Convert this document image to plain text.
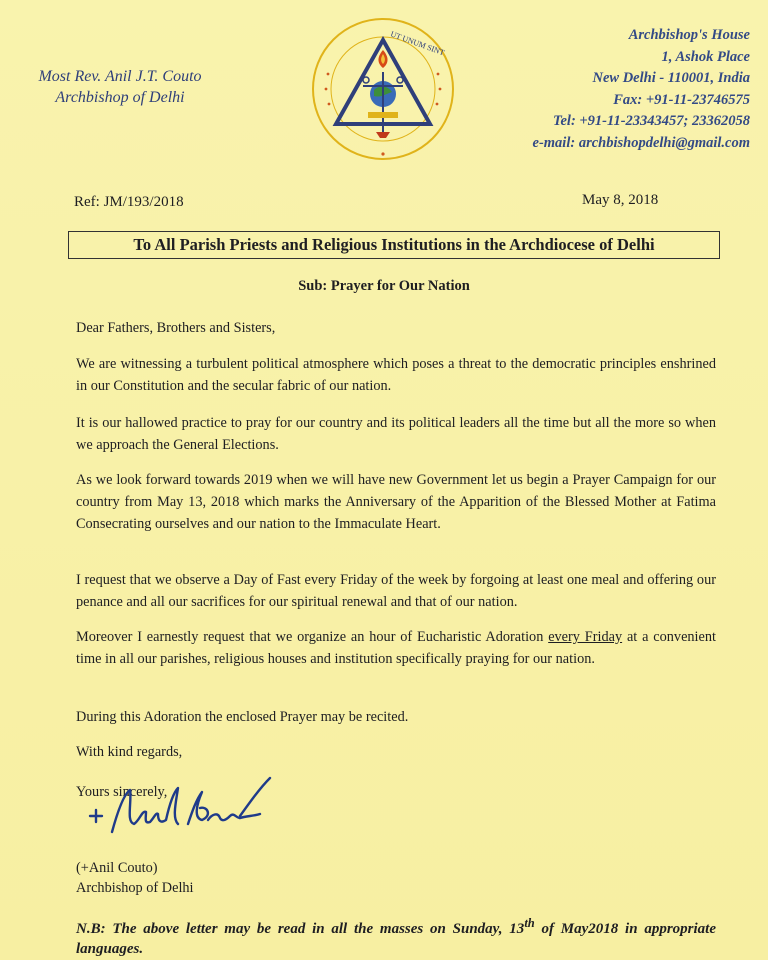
Most Rev. Anil J.T. Couto
Archbishop of Delhi
UT UNUM SINT	Archbishop's House
1, Ashok Place
New Delhi - 110001, India
Fax: +91-11-23746575
Tel: +91-11-23343457; 23362058
e-mail: archbishopdelhi@gmail.com
Ref: JM/193/2018	May 8, 2018
To All Parish Priests and Religious Institutions in the Archdiocese of Delhi
Sub: Prayer for Our Nation
Dear Fathers, Brothers and Sisters,
We are witnessing a turbulent political atmosphere which poses a threat to the democratic principles enshrined in our Constitution and the secular fabric of our nation.
It is our hallowed practice to pray for our country and its political leaders all the time but all the more so when we approach the General Elections.
As we look forward towards 2019 when we will have new Government let us begin a Prayer Campaign for our country from May 13, 2018 which marks the Anniversary of the Apparition of the Blessed Mother at Fatima Consecrating ourselves and our nation to the Immaculate Heart.
I request that we observe a Day of Fast every Friday of the week by forgoing at least one meal and offering our penance and all our sacrifices for our spiritual renewal and that of our nation.
Moreover I earnestly request that we organize an hour of Eucharistic Adoration every Friday at a convenient time in all our parishes, religious houses and institution specifically praying for our nation.
During this Adoration the enclosed Prayer may be recited.
With kind regards,
Yours sincerely,
(+Anil Couto)
Archbishop of Delhi
N.B: The above letter may be read in all the masses on Sunday, 13th of May2018 in appropriate languages.
